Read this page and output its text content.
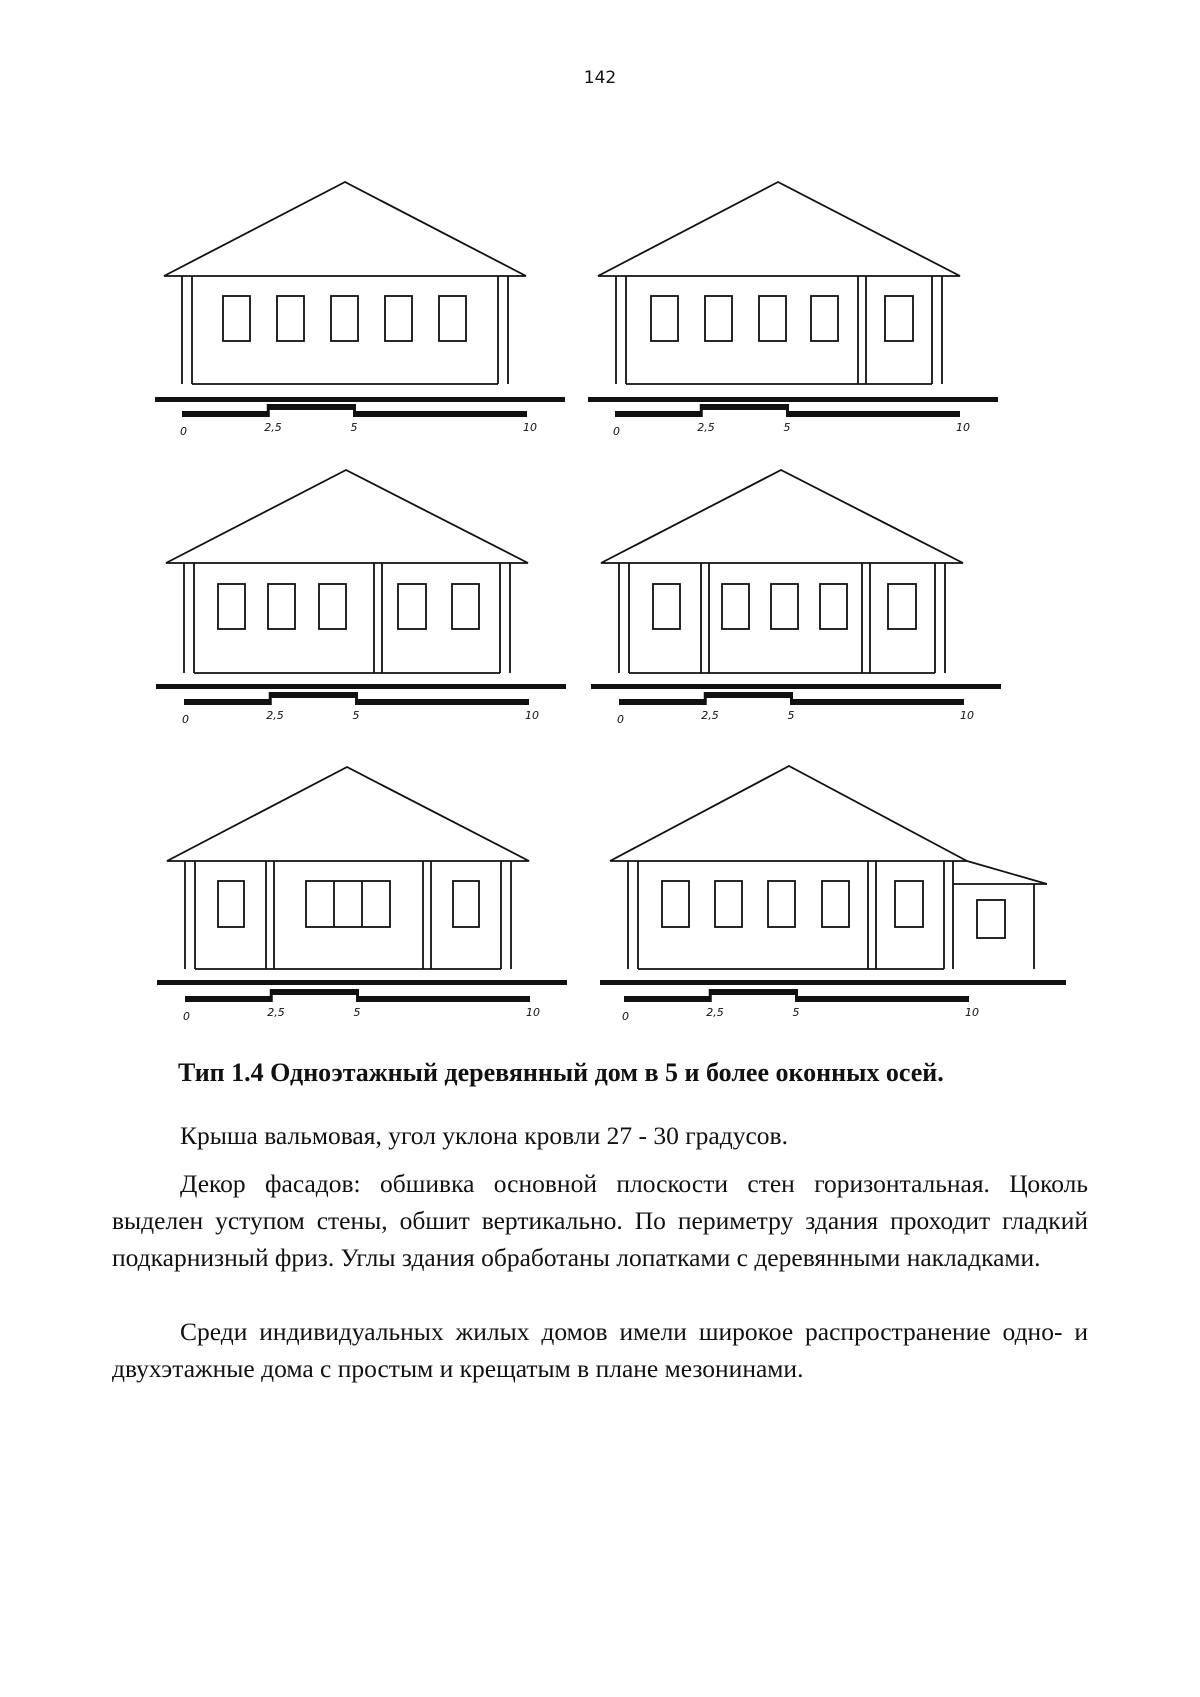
142
0	2,5	5	10	0	2,5	5	10
0	2,5	5	10	0	2,5	5	10
0	2,5	5	10	0	2,5	5	10
Тип 1.4 Одноэтажный деревянный дом в 5 и более оконных осей.

Крыша вальмовая, угол уклона кровли 27 - 30 градусов.

Декор фасадов: обшивка основной плоскости стен горизонтальная. Цоколь выделен уступом стены, обшит вертикально. По периметру здания проходит гладкий подкарнизный фриз. Углы здания обработаны лопатками с деревянными накладками.

Среди индивидуальных жилых домов имели широкое распространение одно- и двухэтажные дома с простым и крещатым в плане мезонинами.
